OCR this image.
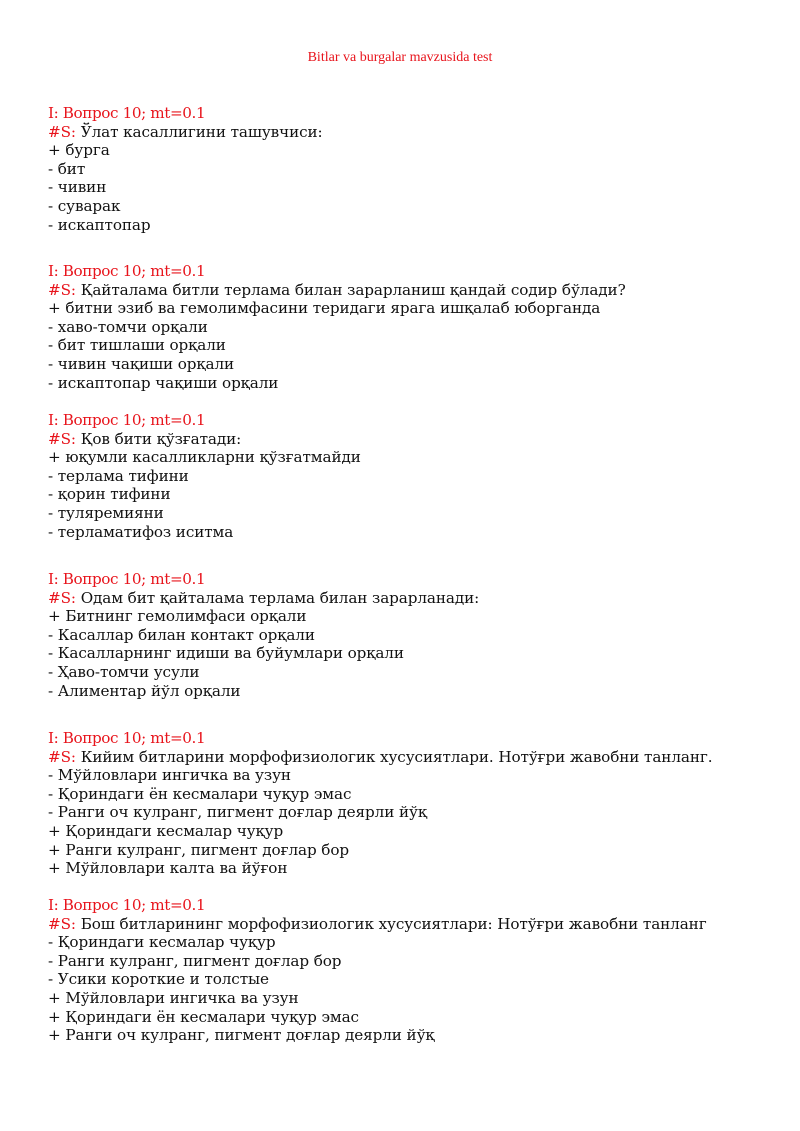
Bitlar va burgalar mavzusida test
I: Вопрос 10; mt=0.1
#S: Ўлат касаллигини ташувчиси:
+ бурга
- бит
- чивин
- суварак
- искаптопар
I: Вопрос 10; mt=0.1
#S: Қайталама битли терлама билан зарарланиш қандай содир бўлади?
+ битни эзиб ва гемолимфасини теридаги ярага ишқалаб юборганда
- хаво-томчи орқали
- бит тишлаши орқали
- чивин чақиши орқали
- искаптопар чақиши орқали
I: Вопрос 10; mt=0.1
#S: Қов бити қўзғатади:
+ юқумли касалликларни қўзғатмайди
- терлама тифини
- қорин тифини
- туляремияни
- терламатифоз иситма
I: Вопрос 10; mt=0.1
#S: Одам бит қайталама терлама билан зарарланади:
+ Битнинг гемолимфаси орқали
- Касаллар билан контакт орқали
- Касалларнинг идиши ва буйумлари орқали
- Ҳаво-томчи усули
- Алиментар йўл орқали
I: Вопрос 10; mt=0.1
#S: Кийим битларини морфофизиологик хусусиятлари. Нотўғри жавобни танланг.
- Мўйловлари ингичка ва узун
- Қориндаги ён кесмалари чуқур эмас
- Ранги оч кулранг, пигмент доғлар деярли йўқ
+ Қориндаги кесмалар чуқур
+ Ранги кулранг, пигмент доғлар бор
+ Мўйловлари калта ва йўғон
I: Вопрос 10; mt=0.1
#S: Бош битларининг морфофизиологик хусусиятлари: Нотўғри жавобни танланг
- Қориндаги кесмалар чуқур
- Ранги кулранг, пигмент доғлар бор
- Усики короткие и толстые
+ Мўйловлари ингичка ва узун
+ Қориндаги ён кесмалари чуқур эмас
+ Ранги оч кулранг, пигмент доғлар деярли йўқ
